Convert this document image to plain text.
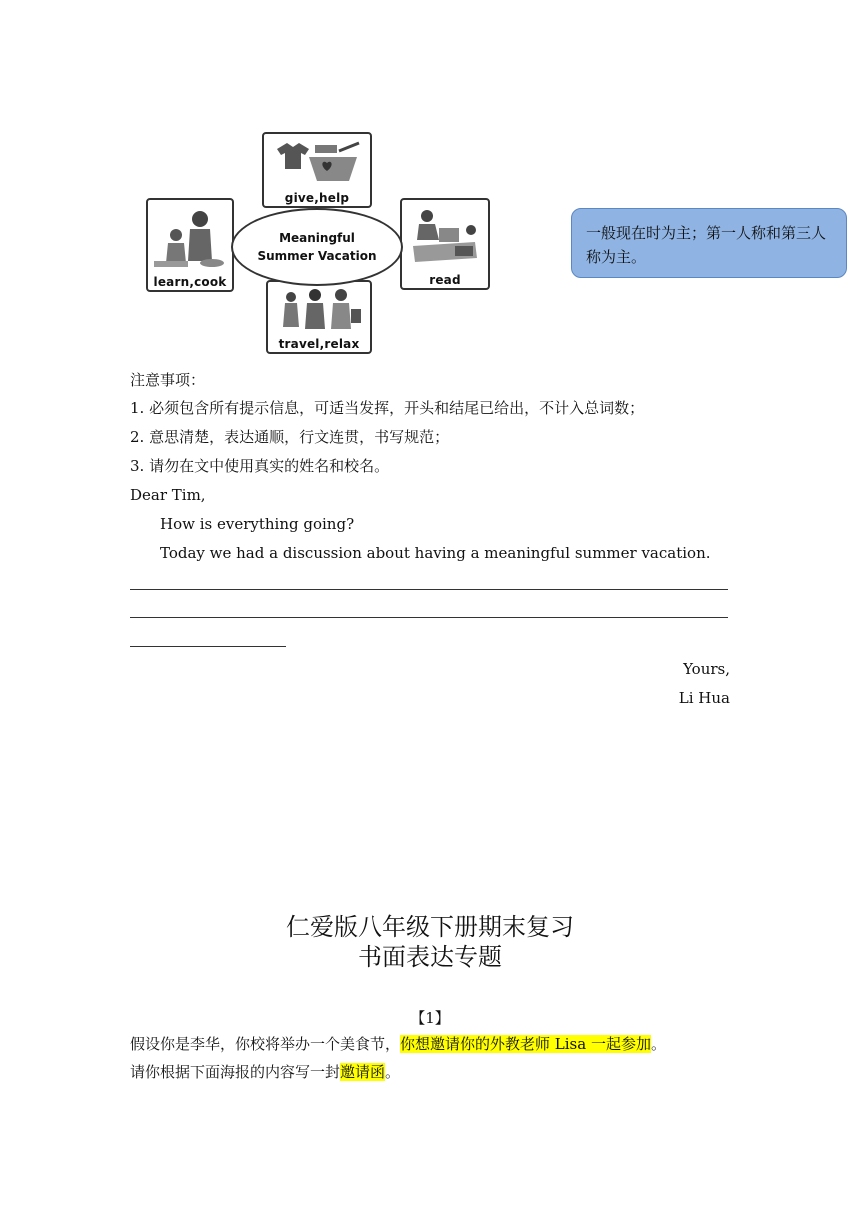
give,help
learn,cook	read
travel,relax
Meaningful
Summer Vacation
一般现在时为主；第一人称和第三人称为主。
注意事项：
1. 必须包含所有提示信息，可适当发挥，开头和结尾已给出，不计入总词数；
2. 意思清楚，表达通顺，行文连贯，书写规范；
3. 请勿在文中使用真实的姓名和校名。
Dear Tim,
How is everything going?
Today we had a discussion about having a meaningful summer vacation.
Yours,
Li Hua
仁爱版八年级下册期末复习
书面表达专题
【1】
假设你是李华，你校将举办一个美食节，你想邀请你的外教老师 Lisa 一起参加。
请你根据下面海报的内容写一封邀请函。
